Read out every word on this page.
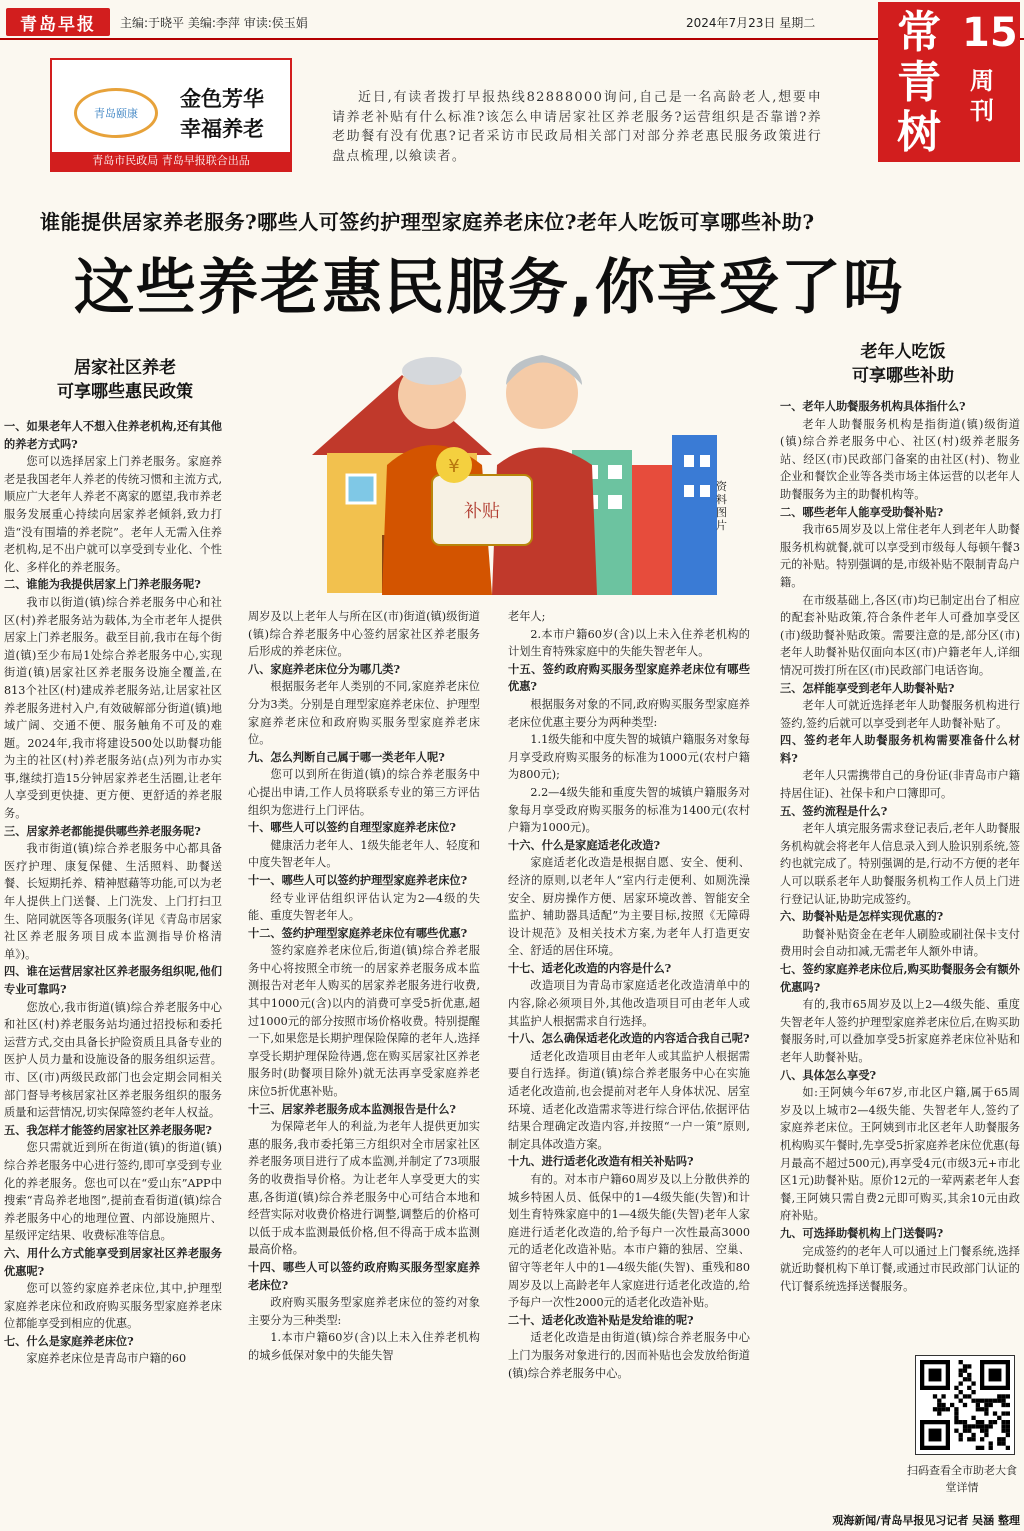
青岛早报	主编:于晓平 美编:李萍 审读:侯玉娟	2024年7月23日 星期二	常青树
15
周刊
青岛颐康
金色芳华 幸福养老
青岛市民政局 青岛早报联合出品
近日,有读者拨打早报热线82888000询问,自己是一名高龄老人,想要申请养老补贴有什么标准?该怎么申请居家社区养老服务?运营组织是否靠谱?养老助餐有没有优惠?记者采访市民政局相关部门对部分养老惠民服务政策进行盘点梳理,以飨读者。
谁能提供居家养老服务?哪些人可签约护理型家庭养老床位?老年人吃饭可享哪些补助?
这些养老惠民服务,你享受了吗
补贴
¥
资料图片
居家社区养老
可享哪些惠民政策
老年人吃饭
可享哪些补助

一、如果老年人不想入住养老机构,还有其他的养老方式吗?

您可以选择居家上门养老服务。家庭养老是我国老年人养老的传统习惯和主流方式,顺应广大老年人养老不离家的愿望,我市养老服务发展重心持续向居家养老倾斜,致力打造“没有围墙的养老院”。老年人无需入住养老机构,足不出户就可以享受到专业化、个性化、多样化的养老服务。

二、谁能为我提供居家上门养老服务呢?

我市以街道(镇)综合养老服务中心和社区(村)养老服务站为载体,为全市老年人提供居家上门养老服务。截至目前,我市在每个街道(镇)至少布局1处综合养老服务中心,实现街道(镇)居家社区养老服务设施全覆盖,在813个社区(村)建成养老服务站,让居家社区养老服务进村入户,有效破解部分街道(镇)地域广阔、交通不便、服务触角不可及的难题。2024年,我市将建设500处以助餐功能为主的社区(村)养老服务站(点)列为市办实事,继续打造15分钟居家养老生活圈,让老年人享受到更快捷、更方便、更舒适的养老服务。

三、居家养老都能提供哪些养老服务呢?

我市街道(镇)综合养老服务中心都具备医疗护理、康复保健、生活照料、助餐送餐、长短期托养、精神慰藉等功能,可以为老年人提供上门送餐、上门洗发、上门打扫卫生、陪同就医等各项服务(详见《青岛市居家社区养老服务项目成本监测指导价格清单》)。

四、谁在运营居家社区养老服务组织呢,他们专业可靠吗?

您放心,我市街道(镇)综合养老服务中心和社区(村)养老服务站均通过招投标和委托运营方式,交由具备长护险资质且具备专业的医护人员力量和设施设备的服务组织运营。市、区(市)两级民政部门也会定期会同相关部门督导考核居家社区养老服务组织的服务质量和运营情况,切实保障签约老年人权益。

五、我怎样才能签约居家社区养老服务呢?

您只需就近到所在街道(镇)的街道(镇)综合养老服务中心进行签约,即可享受到专业化的养老服务。您也可以在“爱山东”APP中搜索“青岛养老地图”,提前查看街道(镇)综合养老服务中心的地理位置、内部设施照片、星级评定结果、收费标准等信息。

六、用什么方式能享受到居家社区养老服务优惠呢?

您可以签约家庭养老床位,其中,护理型家庭养老床位和政府购买服务型家庭养老床位都能享受到相应的优惠。

七、什么是家庭养老床位?

家庭养老床位是青岛市户籍的60

周岁及以上老年人与所在区(市)街道(镇)级街道(镇)综合养老服务中心签约居家社区养老服务后形成的养老床位。

八、家庭养老床位分为哪几类?

根据服务老年人类别的不同,家庭养老床位分为3类。分别是自理型家庭养老床位、护理型家庭养老床位和政府购买服务型家庭养老床位。

九、怎么判断自己属于哪一类老年人呢?

您可以到所在街道(镇)的综合养老服务中心提出申请,工作人员将联系专业的第三方评估组织为您进行上门评估。

十、哪些人可以签约自理型家庭养老床位?

健康活力老年人、1级失能老年人、轻度和中度失智老年人。

十一、哪些人可以签约护理型家庭养老床位?

经专业评估组织评估认定为2—4级的失能、重度失智老年人。

十二、签约护理型家庭养老床位有哪些优惠?

签约家庭养老床位后,街道(镇)综合养老服务中心将按照全市统一的居家养老服务成本监测报告对老年人购买的居家养老服务进行收费,其中1000元(含)以内的消费可享受5折优惠,超过1000元的部分按照市场价格收费。特别提醒一下,如果您是长期护理保险保障的老年人,选择享受长期护理保险待遇,您在购买居家社区养老服务时(助餐项目除外)就无法再享受家庭养老床位5折优惠补贴。

十三、居家养老服务成本监测报告是什么?

为保障老年人的利益,为老年人提供更加实惠的服务,我市委托第三方组织对全市居家社区养老服务项目进行了成本监测,并制定了73项服务的收费指导价格。为让老年人享受更大的实惠,各街道(镇)综合养老服务中心可结合本地和经营实际对收费价格进行调整,调整后的价格可以低于成本监测最低价格,但不得高于成本监测最高价格。

十四、哪些人可以签约政府购买服务型家庭养老床位?

政府购买服务型家庭养老床位的签约对象主要分为三种类型:

1.本市户籍60岁(含)以上未入住养老机构的城乡低保对象中的失能失智

老年人;

2.本市户籍60岁(含)以上未入住养老机构的计划生育特殊家庭中的失能失智老年人。

十五、签约政府购买服务型家庭养老床位有哪些优惠?

根据服务对象的不同,政府购买服务型家庭养老床位优惠主要分为两种类型:

1.1级失能和中度失智的城镇户籍服务对象每月享受政府购买服务的标准为1000元(农村户籍为800元);

2.2—4级失能和重度失智的城镇户籍服务对象每月享受政府购买服务的标准为1400元(农村户籍为1000元)。

十六、什么是家庭适老化改造?

家庭适老化改造是根据自愿、安全、便利、经济的原则,以老年人“室内行走便利、如厕洗澡安全、厨房操作方便、居家环境改善、智能安全监护、辅助器具适配”为主要目标,按照《无障碍设计规范》及相关技术方案,为老年人打造更安全、舒适的居住环境。

十七、适老化改造的内容是什么?

改造项目为青岛市家庭适老化改造清单中的内容,除必须项目外,其他改造项目可由老年人或其监护人根据需求自行选择。

十八、怎么确保适老化改造的内容适合我自己呢?

适老化改造项目由老年人或其监护人根据需要自行选择。街道(镇)综合养老服务中心在实施适老化改造前,也会提前对老年人身体状况、居室环境、适老化改造需求等进行综合评估,依据评估结果合理确定改造内容,并按照“一户一策”原则,制定具体改造方案。

十九、进行适老化改造有相关补贴吗?

有的。对本市户籍60周岁及以上分散供养的城乡特困人员、低保中的1—4级失能(失智)和计划生育特殊家庭中的1—4级失能(失智)老年人家庭进行适老化改造的,给予每户一次性最高3000元的适老化改造补贴。本市户籍的独居、空巢、留守等老年人中的1—4级失能(失智)、重残和80周岁及以上高龄老年人家庭进行适老化改造的,给予每户一次性2000元的适老化改造补贴。

二十、适老化改造补贴是发给谁的呢?

适老化改造是由街道(镇)综合养老服务中心上门为服务对象进行的,因而补贴也会发放给街道(镇)综合养老服务中心。

一、老年人助餐服务机构具体指什么?

老年人助餐服务机构是指街道(镇)级街道(镇)综合养老服务中心、社区(村)级养老服务站、经区(市)民政部门备案的由社区(村)、物业企业和餐饮企业等各类市场主体运营的以老年人助餐服务为主的助餐机构等。

二、哪些老年人能享受助餐补贴?

我市65周岁及以上常住老年人到老年人助餐服务机构就餐,就可以享受到市级每人每顿午餐3元的补贴。特别强调的是,市级补贴不限制青岛户籍。

在市级基础上,各区(市)均已制定出台了相应的配套补贴政策,符合条件老年人可叠加享受区(市)级助餐补贴政策。需要注意的是,部分区(市)老年人助餐补贴仅面向本区(市)户籍老年人,详细情况可拨打所在区(市)民政部门电话咨询。

三、怎样能享受到老年人助餐补贴?

老年人可就近选择老年人助餐服务机构进行签约,签约后就可以享受到老年人助餐补贴了。

四、签约老年人助餐服务机构需要准备什么材料?

老年人只需携带自己的身份证(非青岛市户籍持居住证)、社保卡和户口簿即可。

五、签约流程是什么?

老年人填完服务需求登记表后,老年人助餐服务机构就会将老年人信息录入到人脸识别系统,签约也就完成了。特别强调的是,行动不方便的老年人可以联系老年人助餐服务机构工作人员上门进行登记认证,协助完成签约。

六、助餐补贴是怎样实现优惠的?

助餐补贴资金在老年人刷脸或刷社保卡支付费用时会自动扣减,无需老年人额外申请。

七、签约家庭养老床位后,购买助餐服务会有额外优惠吗?

有的,我市65周岁及以上2—4级失能、重度失智老年人签约护理型家庭养老床位后,在购买助餐服务时,可以叠加享受5折家庭养老床位补贴和老年人助餐补贴。

八、具体怎么享受?

如:王阿姨今年67岁,市北区户籍,属于65周岁及以上城市2—4级失能、失智老年人,签约了家庭养老床位。王阿姨到市北区老年人助餐服务机构购买午餐时,先享受5折家庭养老床位优惠(每月最高不超过500元),再享受4元(市级3元+市北区1元)助餐补贴。原价12元的一荤两素老年人套餐,王阿姨只需自费2元即可购买,其余10元由政府补贴。

九、可选择助餐机构上门送餐吗?

完成签约的老年人可以通过上门餐系统,选择就近助餐机构下单订餐,或通过市民政部门认证的代订餐系统选择送餐服务。

扫码查看全市助老大食堂详情
观海新闻/青岛早报见习记者 吴涵 整理
